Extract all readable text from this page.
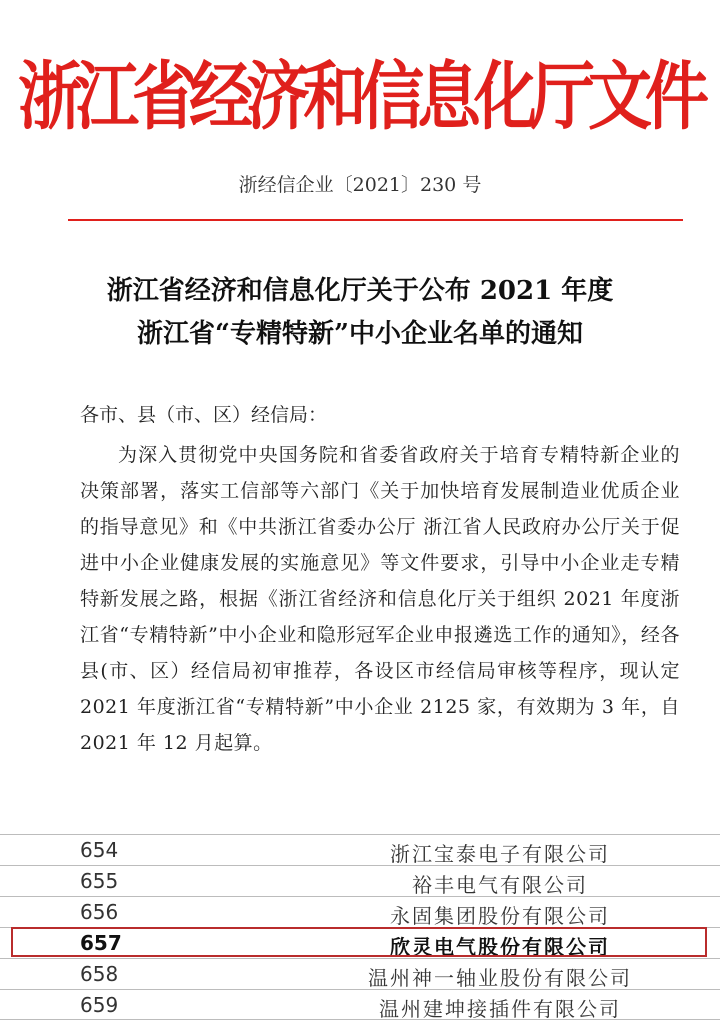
浙江省经济和信息化厅文件
浙经信企业〔2021〕230 号
浙江省经济和信息化厅关于公布 2021 年度
浙江省“专精特新”中小企业名单的通知
各市、县（市、区）经信局：

为深入贯彻党中央国务院和省委省政府关于培育专精特新企业的决策部署，落实工信部等六部门《关于加快培育发展制造业优质企业的指导意见》和《中共浙江省委办公厅 浙江省人民政府办公厅关于促进中小企业健康发展的实施意见》等文件要求，引导中小企业走专精特新发展之路，根据《浙江省经济和信息化厅关于组织 2021 年度浙江省“专精特新”中小企业和隐形冠军企业申报遴选工作的通知》，经各县(市、区）经信局初审推荐，各设区市经信局审核等程序，现认定 2021 年度浙江省“专精特新”中小企业 2125 家，有效期为 3 年，自 2021 年 12 月起算。

654	浙江宝泰电子有限公司
655	裕丰电气有限公司
656	永固集团股份有限公司
657	欣灵电气股份有限公司
658	温州神一轴业股份有限公司
659	温州建坤接插件有限公司
